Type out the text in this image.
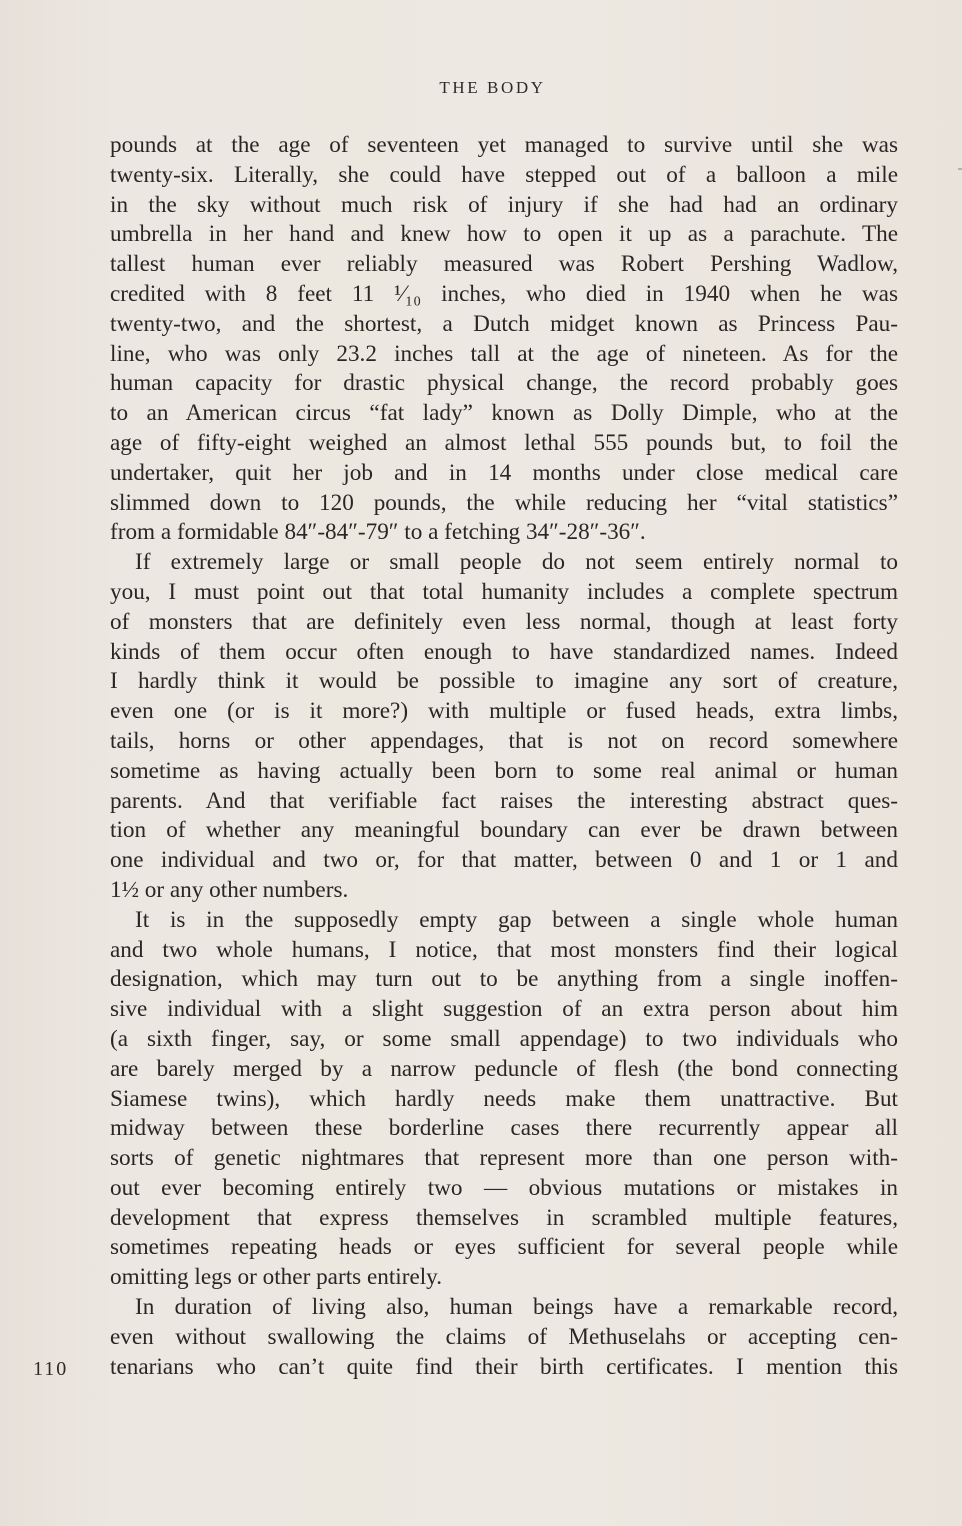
THE BODY
pounds at the age of seventeen yet managed to survive until she was
twenty-six. Literally, she could have stepped out of a balloon a mile
in the sky without much risk of injury if she had had an ordinary
umbrella in her hand and knew how to open it up as a parachute. The
tallest human ever reliably measured was Robert Pershing Wadlow,
credited with 8 feet 11 ¹⁄₁₀ inches, who died in 1940 when he was
twenty-two, and the shortest, a Dutch midget known as Princess Pau-
line, who was only 23.2 inches tall at the age of nineteen. As for the
human capacity for drastic physical change, the record probably goes
to an American circus “fat lady” known as Dolly Dimple, who at the
age of fifty-eight weighed an almost lethal 555 pounds but, to foil the
undertaker, quit her job and in 14 months under close medical care
slimmed down to 120 pounds, the while reducing her “vital statistics”
from a formidable 84″-84″-79″ to a fetching 34″-28″-36″.
If extremely large or small people do not seem entirely normal to
you, I must point out that total humanity includes a complete spectrum
of monsters that are definitely even less normal, though at least forty
kinds of them occur often enough to have standardized names. Indeed
I hardly think it would be possible to imagine any sort of creature,
even one (or is it more?) with multiple or fused heads, extra limbs,
tails, horns or other appendages, that is not on record somewhere
sometime as having actually been born to some real animal or human
parents. And that verifiable fact raises the interesting abstract ques-
tion of whether any meaningful boundary can ever be drawn between
one individual and two or, for that matter, between 0 and 1 or 1 and
1½ or any other numbers.
It is in the supposedly empty gap between a single whole human
and two whole humans, I notice, that most monsters find their logical
designation, which may turn out to be anything from a single inoffen-
sive individual with a slight suggestion of an extra person about him
(a sixth finger, say, or some small appendage) to two individuals who
are barely merged by a narrow peduncle of flesh (the bond connecting
Siamese twins), which hardly needs make them unattractive. But
midway between these borderline cases there recurrently appear all
sorts of genetic nightmares that represent more than one person with-
out ever becoming entirely two — obvious mutations or mistakes in
development that express themselves in scrambled multiple features,
sometimes repeating heads or eyes sufficient for several people while
omitting legs or other parts entirely.
In duration of living also, human beings have a remarkable record,
even without swallowing the claims of Methuselahs or accepting cen-
tenarians who can’t quite find their birth certificates. I mention this
110
